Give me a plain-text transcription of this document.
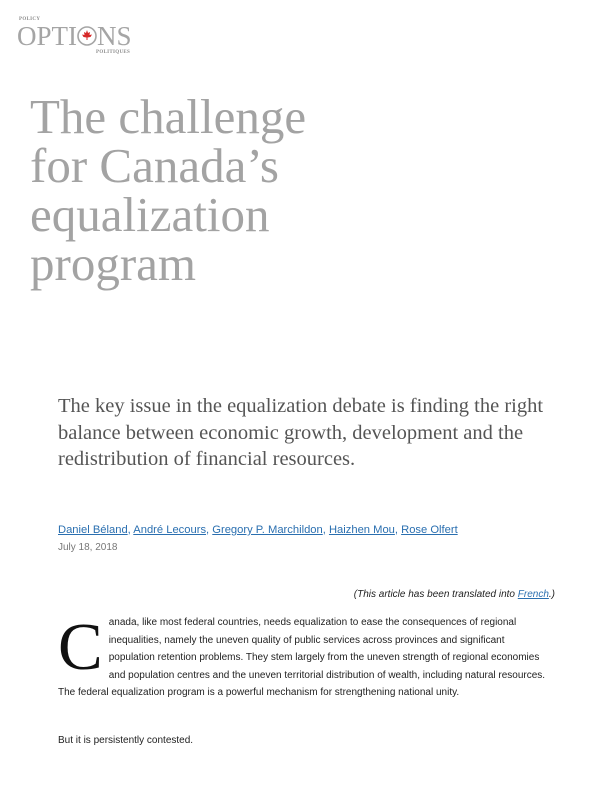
POLICY
OPTI NS
POLITIQUES
The challenge
for Canada’s
equalization
program

The key issue in the equalization debate is finding the right balance between economic growth, development and the redistribution of financial resources.

Daniel Béland, André Lecours, Gregory P. Marchildon, Haizhen Mou, Rose Olfert
July 18, 2018
(This article has been translated into French.)
Canada, like most federal countries, needs equalization to ease the consequences of regional inequalities, namely the uneven quality of public services across provinces and significant population retention problems. They stem largely from the uneven strength of regional economies and population centres and the uneven territorial distribution of wealth, including natural resources. The federal equalization program is a powerful mechanism for strengthening national unity.
But it is persistently contested.
